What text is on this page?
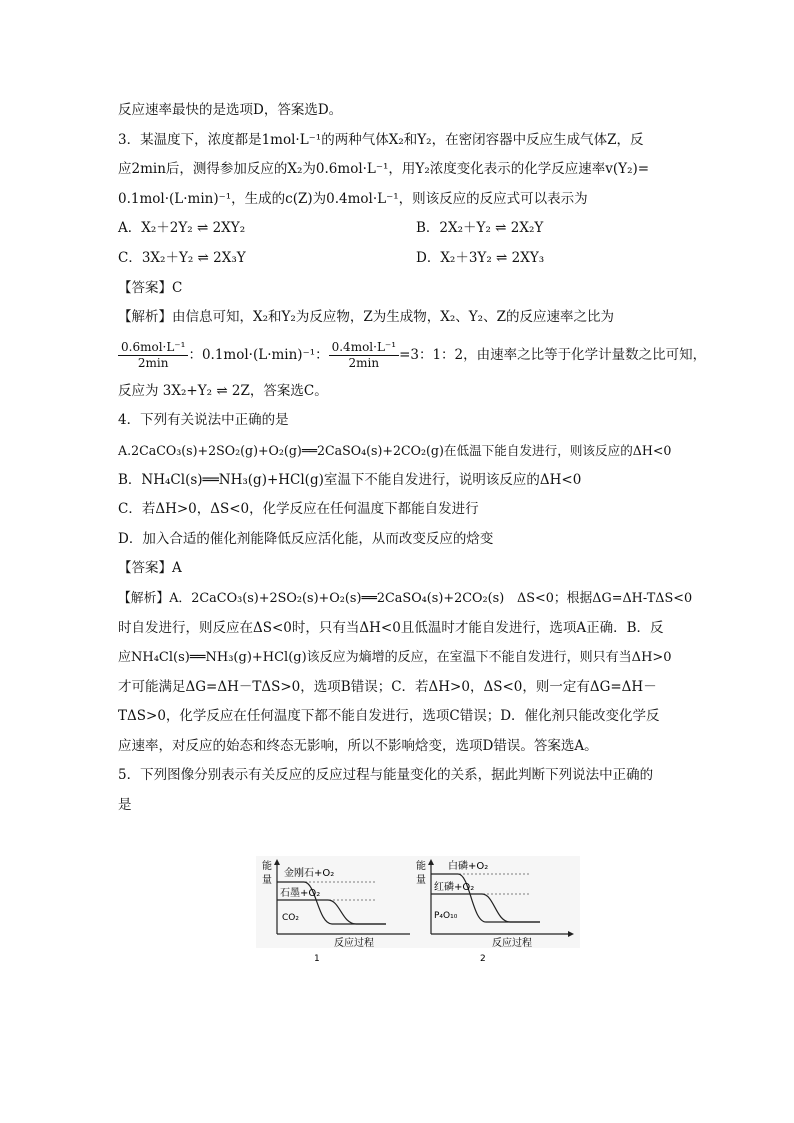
反应速率最快的是选项D，答案选D。
3．某温度下，浓度都是1mol·L⁻¹的两种气体X₂和Y₂，在密闭容器中反应生成气体Z，反
应2min后，测得参加反应的X₂为0.6mol·L⁻¹，用Y₂浓度变化表示的化学反应速率v(Y₂)=
0.1mol·(L·min)⁻¹，生成的c(Z)为0.4mol·L⁻¹，则该反应的反应式可以表示为
A．X₂＋2Y₂ ⇌ 2XY₂	B．2X₂＋Y₂ ⇌ 2X₂Y
C．3X₂＋Y₂ ⇌ 2X₃Y	D．X₂＋3Y₂ ⇌ 2XY₃
【答案】C
【解析】由信息可知，X₂和Y₂为反应物，Z为生成物，X₂、Y₂、Z的反应速率之比为
$\frac{\text{0.6mol·L⁻¹}}{2\min}$ ：0.1mol·(L·min)⁻¹： $\frac{\text{0.4mol·L⁻¹}}{2\min} =3$：1：2，由速率之比等于化学计量数之比可知，
反应为 3X₂+Y₂ ⇌ 2Z，答案选C。
4．下列有关说法中正确的是
A.2CaCO₃(s)+2SO₂(g)+O₂(g)══2CaSO₄(s)+2CO₂(g)在低温下能自发进行，则该反应的ΔH<0
B．NH₄Cl(s)══NH₃(g)+HCl(g)室温下不能自发进行，说明该反应的ΔH<0
C．若ΔH>0，ΔS<0，化学反应在任何温度下都能自发进行
D．加入合适的催化剂能降低反应活化能，从而改变反应的焓变
【答案】A
【解析】A．2CaCO₃(s)+2SO₂(s)+O₂(s)══2CaSO₄(s)+2CO₂(s)　ΔS<0；根据ΔG=ΔH-TΔS<0
时自发进行，则反应在ΔS<0时，只有当ΔH<0且低温时才能自发进行，选项A正确．B．反
应NH₄Cl(s)══NH₃(g)+HCl(g)该反应为熵增的反应，在室温下不能自发进行，则只有当ΔH>0
才可能满足ΔG=ΔH－TΔS>0，选项B错误；C．若ΔH>0，ΔS<0，则一定有ΔG=ΔH－
TΔS>0，化学反应在任何温度下都不能自发进行，选项C错误；D．催化剂只能改变化学反
应速率，对反应的始态和终态无影响，所以不影响焓变，选项D错误。答案选A。
5．下列图像分别表示有关反应的反应过程与能量变化的关系，据此判断下列说法中正确的
是
能
量
金刚石+O₂
石墨+O₂
CO₂
反应过程
1
能
量
白磷+O₂
红磷+O₂
P₄O₁₀
反应过程
2
